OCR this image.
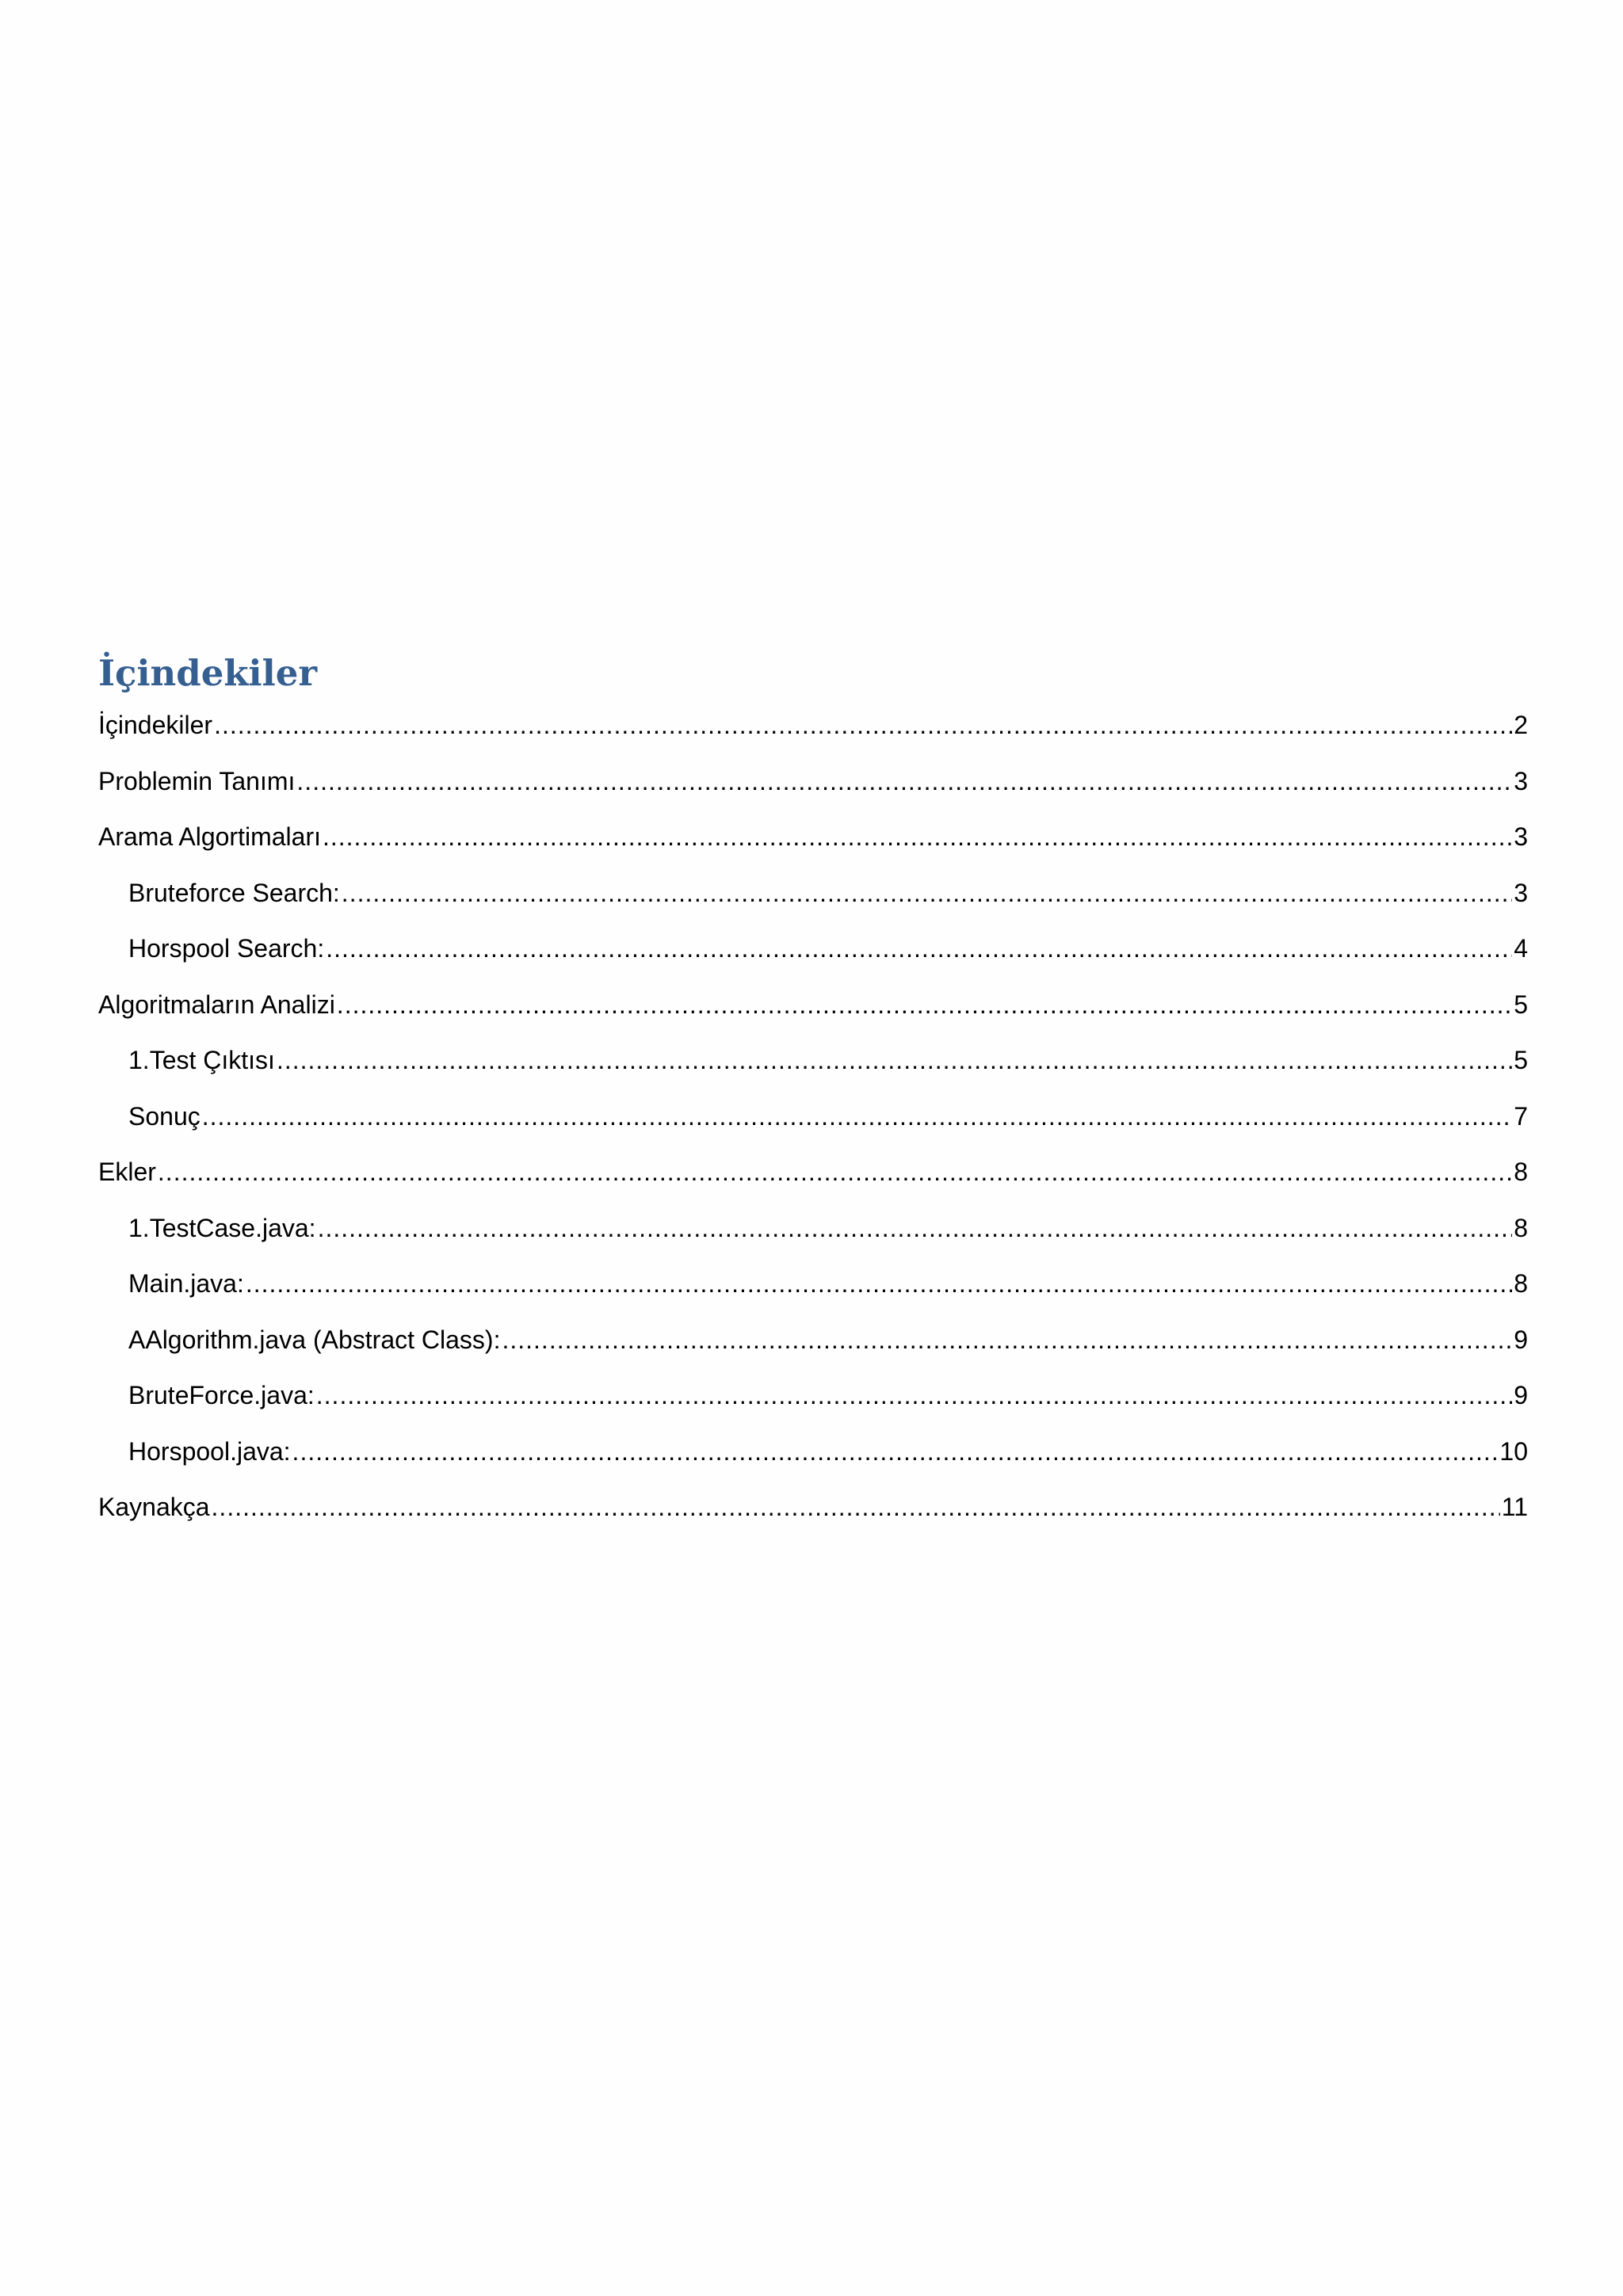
İçindekiler
İçindekiler .....	2
Problemin Tanımı .....	3
Arama Algortimaları .....	3
Bruteforce Search: .....	3
Horspool Search: .....	4
Algoritmaların Analizi .....	5
1.Test Çıktısı .....	5
Sonuç .....	7
Ekler .....	8
1.TestCase.java: .....	8
Main.java: .....	8
AAlgorithm.java (Abstract Class): .....	9
BruteForce.java: .....	9
Horspool.java: .....	10
Kaynakça .....	11
